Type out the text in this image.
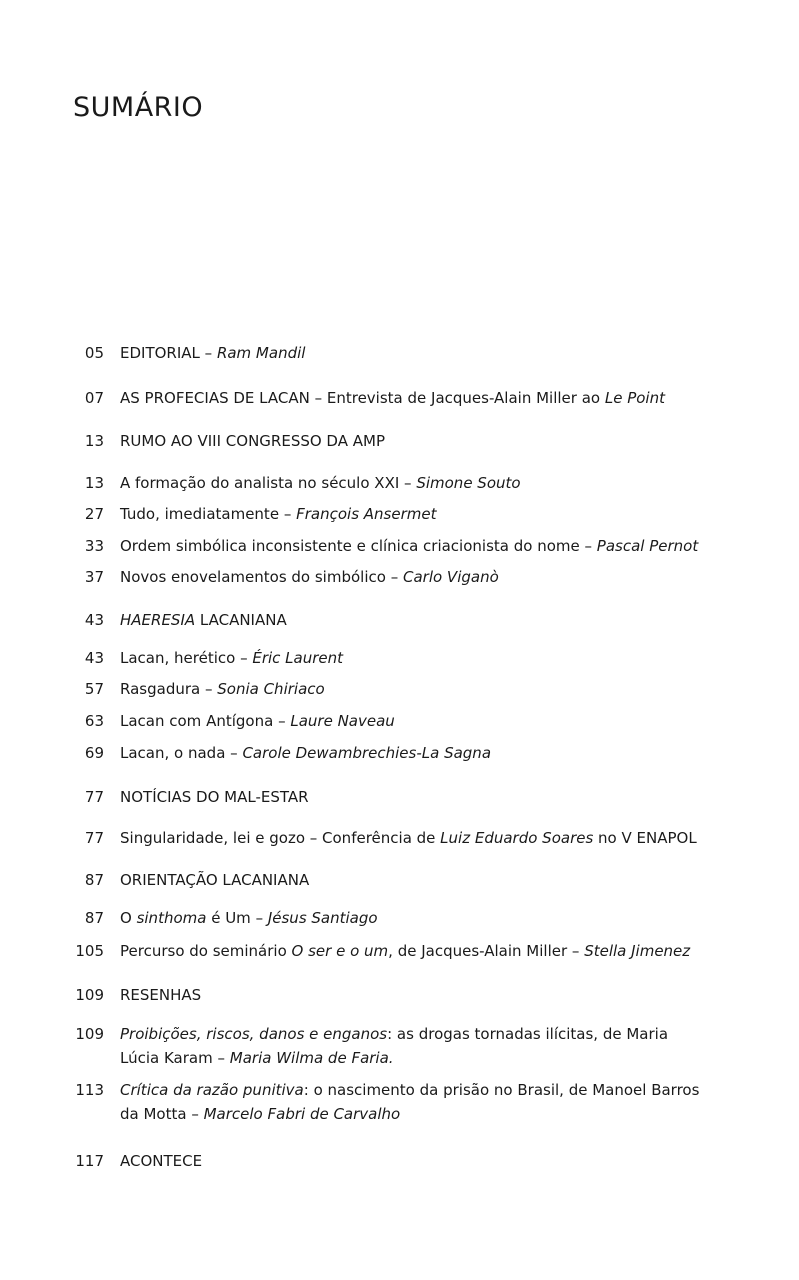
SUMÁRIO
05 EDITORIAL – Ram Mandil
07 AS PROFECIAS DE LACAN – Entrevista de Jacques-Alain Miller ao Le Point
13 RUMO AO VIII CONGRESSO DA AMP
13 A formação do analista no século XXI – Simone Souto
27 Tudo, imediatamente – François Ansermet
33 Ordem simbólica inconsistente e clínica criacionista do nome – Pascal Pernot
37 Novos enovelamentos do simbólico – Carlo Viganò
43 HAERESIA LACANIANA
43 Lacan, herético – Éric Laurent
57 Rasgadura – Sonia Chiriaco
63 Lacan com Antígona – Laure Naveau
69 Lacan, o nada – Carole Dewambrechies-La Sagna
77 NOTÍCIAS DO MAL-ESTAR
77 Singularidade, lei e gozo – Conferência de Luiz Eduardo Soares no V ENAPOL
87 ORIENTAÇÃO LACANIANA
87 O sinthoma é Um – Jésus Santiago
105 Percurso do seminário O ser e o um, de Jacques-Alain Miller – Stella Jimenez
109 RESENHAS
109 Proibições, riscos, danos e enganos: as drogas tornadas ilícitas, de Maria Lúcia Karam – Maria Wilma de Faria.
113 Crítica da razão punitiva: o nascimento da prisão no Brasil, de Manoel Barros da Motta – Marcelo Fabri de Carvalho
117 ACONTECE
